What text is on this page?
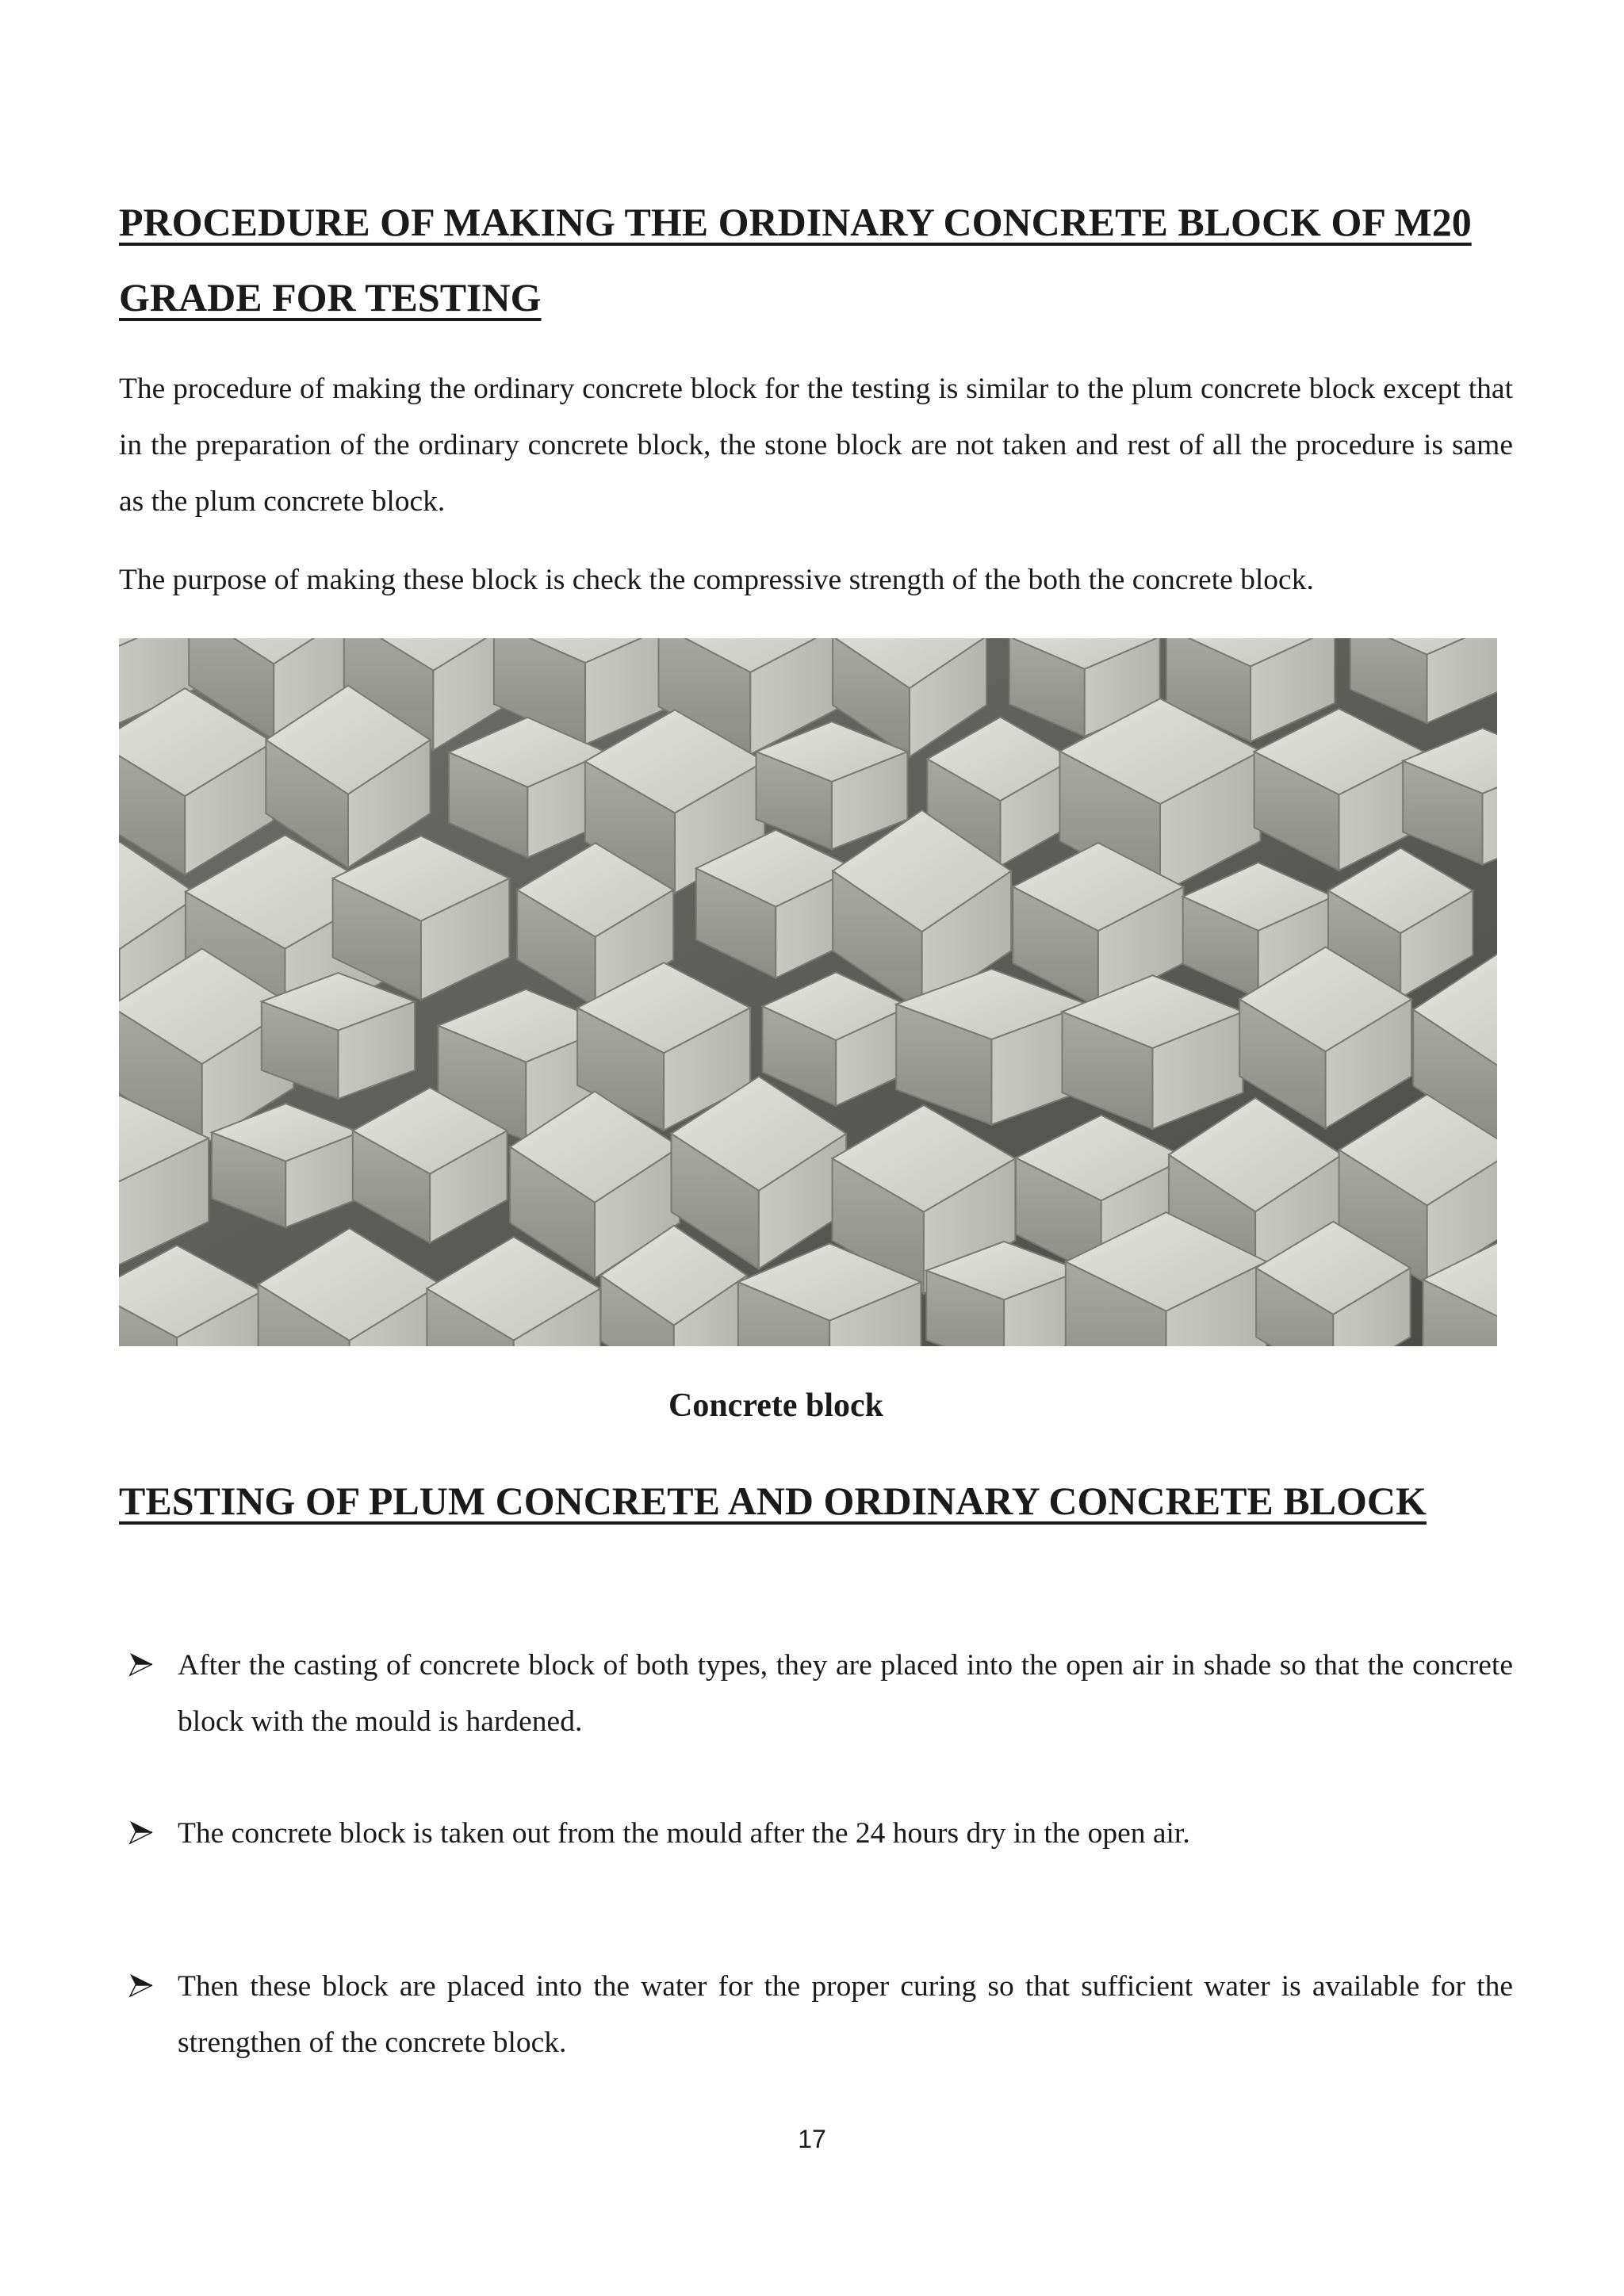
PROCEDURE OF MAKING THE ORDINARY CONCRETE BLOCK OF M20 GRADE FOR TESTING

The procedure of making the ordinary concrete block for the testing is similar to the plum concrete block except that in the preparation of the ordinary concrete block, the stone block are not taken and rest of all the procedure is same as the plum concrete block.

The purpose of making these block is check the compressive strength of the both the concrete block.

Concrete block
TESTING OF PLUM CONCRETE AND ORDINARY CONCRETE BLOCK

After the casting of concrete block of both types, they are placed into the open air in shade so that the concrete block with the mould is hardened.

The concrete block is taken out from the mould after the 24 hours dry in the open air.

Then these block are placed into the water for the proper curing so that sufficient water is available for the strengthen of the concrete block.

17
